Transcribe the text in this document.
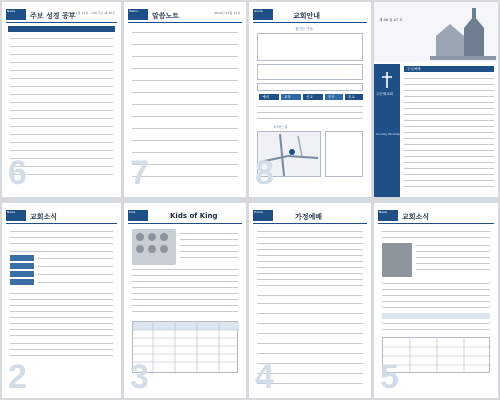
News
주보 성경 공부
2019년 11월 17일 · 교회 주보 제 12호
6
Memo
말씀노트	2019년 11월 17일
7
Guide
교회안내
섬기는 이들
예배	교육	선교	봉사	친교
오시는 길
8
제 46 권 47 호
주은혜교회
Sunday Worship
주일예배
News
교회소식
2
Kids	Kids of King
3
Home
가정예배
4
News
교회소식
5
